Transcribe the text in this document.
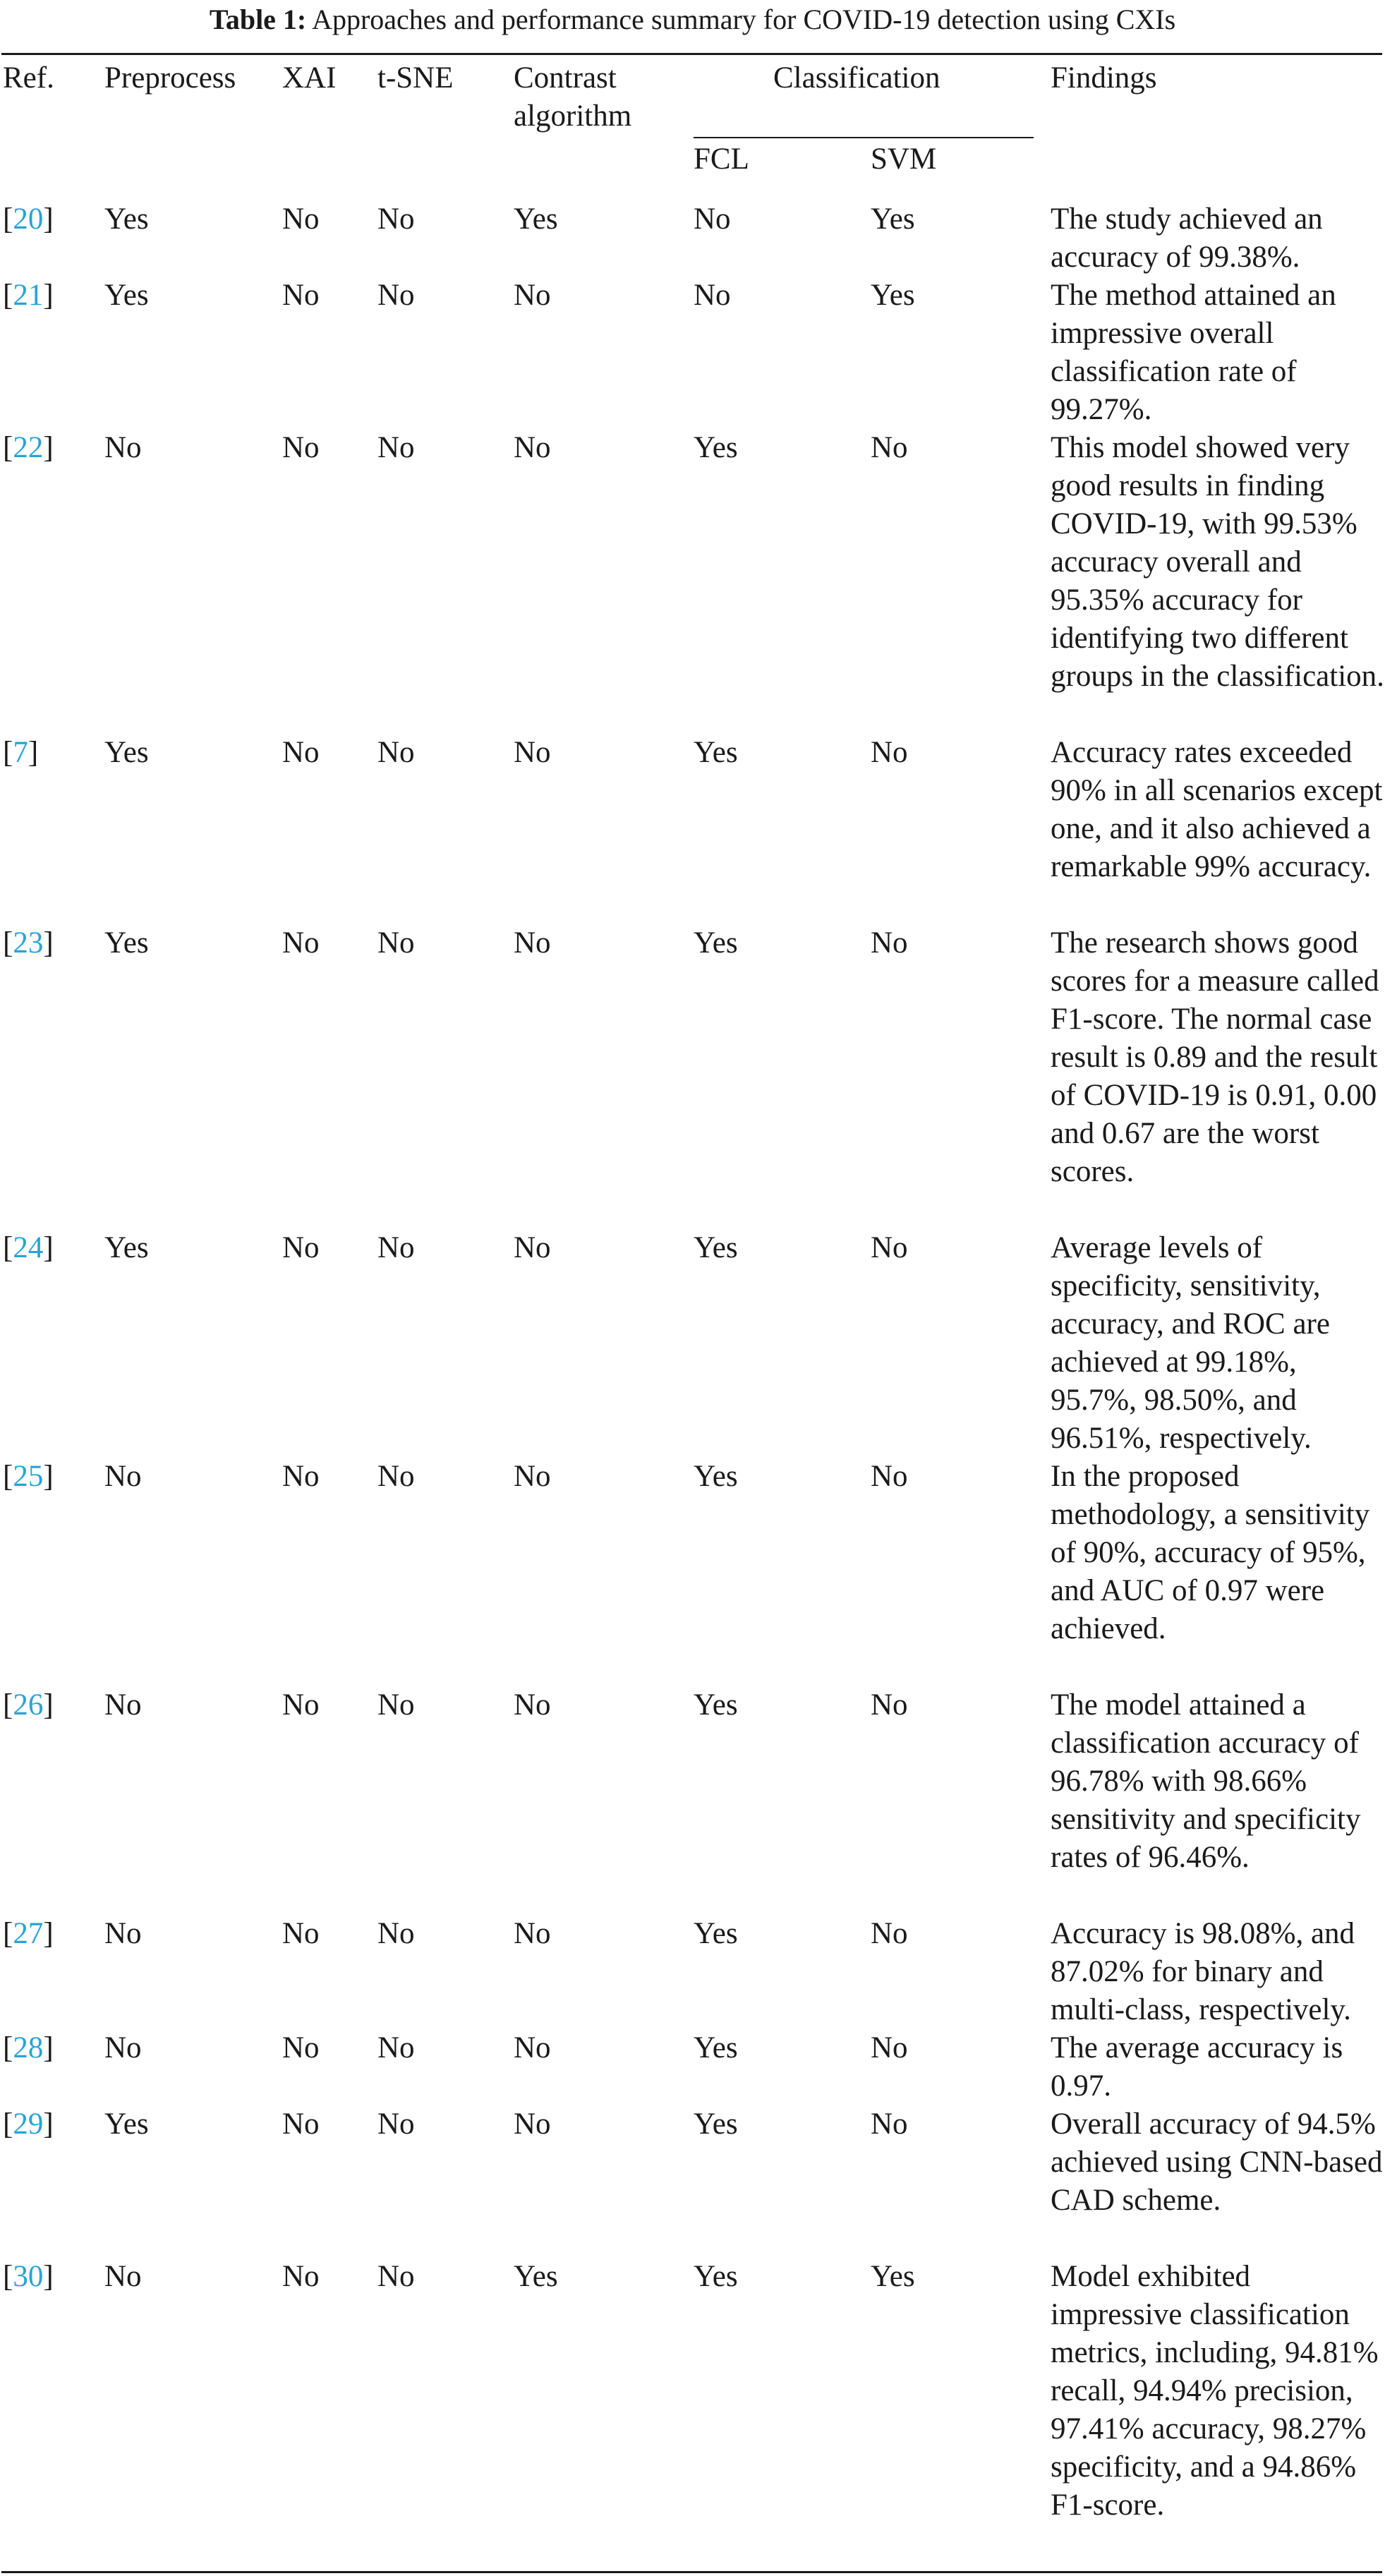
Table 1: Approaches and performance summary for COVID-19 detection using CXIs
Ref. Preprocess XAI t-SNE Contrast algorithm
Classification
FCL	SVM
Findings
[20] Yes	No No	Yes	No	Yes	The study achieved an accuracy of 99.38%.
[21] Yes	No No	No	No	Yes	The method attained an impressive overall classification rate of 99.27%.
[22] No	No No	No	Yes	No	This model showed very good results in finding COVID-19, with 99.53% accuracy overall and 95.35% accuracy for identifying two different groups in the classification.
[7] Yes	No No	No	Yes	No	Accuracy rates exceeded 90% in all scenarios except one, and it also achieved a remarkable 99% accuracy.
[23] Yes	No No	No	Yes	No	The research shows good scores for a measure called F1-score. The normal case result is 0.89 and the result of COVID-19 is 0.91, 0.00 and 0.67 are the worst scores.
[24] Yes	No No	No	Yes	No	Average levels of specificity, sensitivity, accuracy, and ROC are achieved at 99.18%, 95.7%, 98.50%, and 96.51%, respectively.
[25] No	No No	No	Yes	No	In the proposed methodology, a sensitivity of 90%, accuracy of 95%, and AUC of 0.97 were achieved.
[26] No	No No	No	Yes	No	The model attained a classification accuracy of 96.78% with 98.66% sensitivity and specificity rates of 96.46%.
[27] No	No No	No	Yes	No	Accuracy is 98.08%, and 87.02% for binary and multi-class, respectively.
[28] No	No No	No	Yes	No	The average accuracy is 0.97.
[29] Yes	No No	No	Yes	No	Overall accuracy of 94.5% achieved using CNN-based CAD scheme.
[30] No	No No	Yes	Yes	Yes	Model exhibited impressive classification metrics, including, 94.81% recall, 94.94% precision, 97.41% accuracy, 98.27% specificity, and a 94.86% F1-score.
